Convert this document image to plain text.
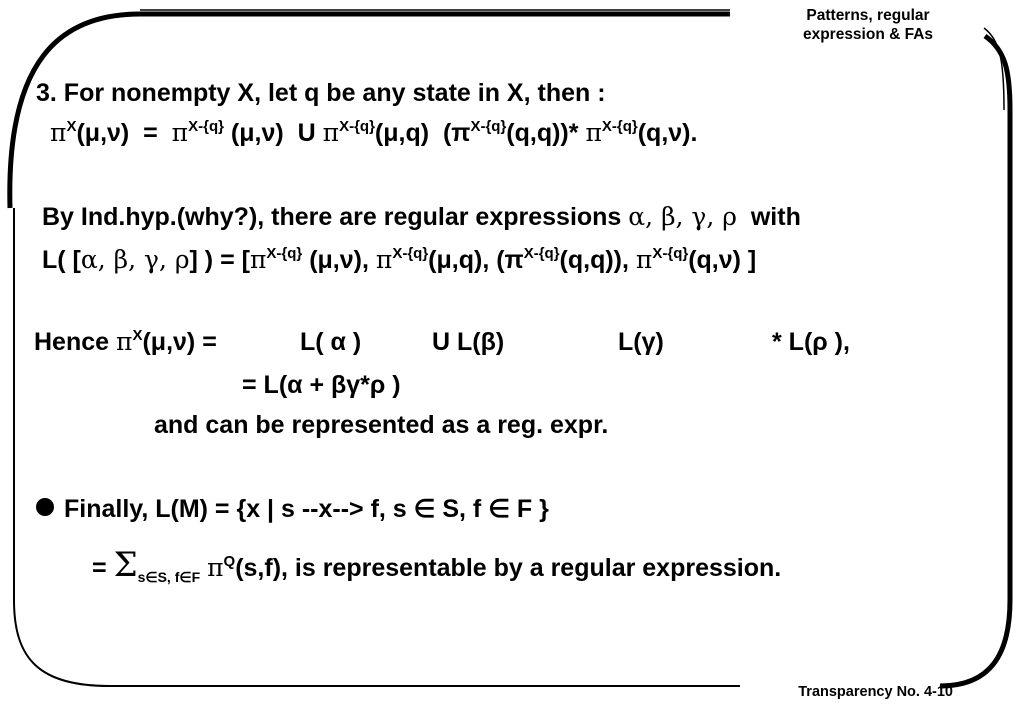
Patterns, regular
expression & FAs
3. For nonempty X, let q be any state in X, then :
$\pi^X(\mu,\nu) = \pi^{X-\{q\}}$ (μ,ν) U $\pi^{X-\{q\}}(\mu,q)$ $(\pi^{X-\{q\}}(q,q))*$ $\pi^{X-\{q\}}(q,\nu)$.
By Ind.hyp.(why?), there are regular expressions α, β, γ, ρ with
L( [α, β, γ, ρ] ) = [$\pi^{X-\{q\}}$ (μ,ν), $\pi^{X-\{q\}}(\mu,q)$, $(\pi^{X-\{q\}}(q,q))$, $\pi^{X-\{q\}}(q,\nu)$ ]
Hence $\pi^X(\mu,\nu)$ =	L( α )	U L(β)	L(γ)	* L(ρ ),
= L(α + βγ*ρ )
and can be represented as a reg. expr.
Finally, L(M) = {x | s --x--> f, s ∈ S, f ∈ F }
= $\Sigma_{s\in S, f\in F}$ $\pi^Q(s,f)$, is representable by a regular expression.
Transparency No. 4-10
